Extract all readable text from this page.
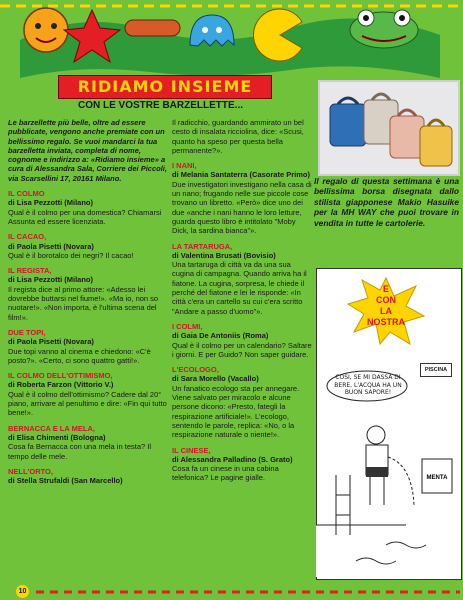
RIDIAMO INSIEME
CON LE VOSTRE BARZELLETTE...
Le barzellette più belle, oltre ad essere pubblicate, vengono anche premiate con un bellissimo regalo. Se vuoi mandarci la tua barzelletta inviata, completa di nome, cognome e indirizzo a: «Ridiamo insieme» a cura di Alessandra Sala, Corriere dei Piccoli, via Scarsellini 17, 20161 Milano.
IL COLMO
di Lisa Pezzotti (Milano)
Qual è il colmo per una domestica? Chiamarsi Assunta ed essere licenziata.
IL CACAO,
di Paola Pisetti (Novara)
Qual è il borotalco dei negri? Il cacao!
IL REGISTA,
di Lisa Pezzotti (Milano)
Il regista dice al primo attore: «Adesso lei dovrebbe buttarsi nel fiume!». «Ma io, non so nuotare!». «Non importa, è l'ultima scena del film!».
DUE TOPI,
di Paola Pisetti (Novara)
Due topi vanno al cinema e chiedono: «C'è posto?». «Certo, ci sono quattro gatti!».
IL COLMO DELL'OTTIMISMO,
di Roberta Farzon (Vittorio V.)
Qual è il colmo dell'ottimismo? Cadere dal 20° piano, arrivare al penultimo e dire: «Fin qui tutto bene!».
BERNACCA E LA MELA,
di Elisa Chimenti (Bologna)
Cosa fa Bernacca con una mela in testa? Il tempo delle mele.
NELL'ORTO,
di Stella Strufaldi (San Marcello)
Il radicchio, guardando ammirato un bel cesto di insalata ricciolina, dice: «Scusi, quanto ha speso per questa bella permanente?».
I NANI,
di Melania Santaterra (Casorate Primo)
Due investigatori investigano nella casa di un nano; frugando nelle sue piccole cose trovano un libretto. «Però» dice uno dei due «anche i nani hanno le loro letture, guarda questo libro è intitolato "Moby Dick, la sardina bianca"».
LA TARTARUGA,
di Valentina Brusati (Bovisio)
Una tartaruga di città va da una sua cugina di campagna. Quando arriva ha il fiatone. La cugina, sorpresa, le chiede il perché del fiatone e lei le risponde: «In città c'era un cartello su cui c'era scritto "Andare a passo d'uomo"».
I COLMI,
di Gaia De Antoniis (Roma)
Qual è il colmo per un calendario? Saltare i giorni. E per Guido? Non saper guidare.
L'ECOLOGO,
di Sara Morello (Vacallo)
Un fanatico ecologo sta per annegare. Viene salvato per miracolo e alcune persone dicono: «Presto, fategli la respirazione artificiale!». L'ecologo, sentendo le parole, replica: «No, o la respirazione naturale o niente!».
IL CINESE,
di Alessandra Palladino (S. Grato)
Cosa fa un cinese in una cabina telefonica? Le pagine gialle.
Il regalo di questa settimana è una bellissima borsa disegnata dallo stilista giapponese Makio Hasuike per la MH WAY che puoi trovare in vendita in tutte le cartolerie.
E
CON
LA
NOSTRA
COSI, SE MI DASSA DI BERE, L'ACQUA HA UN BUON SAPORE!
PISCINA
MENTA
10
